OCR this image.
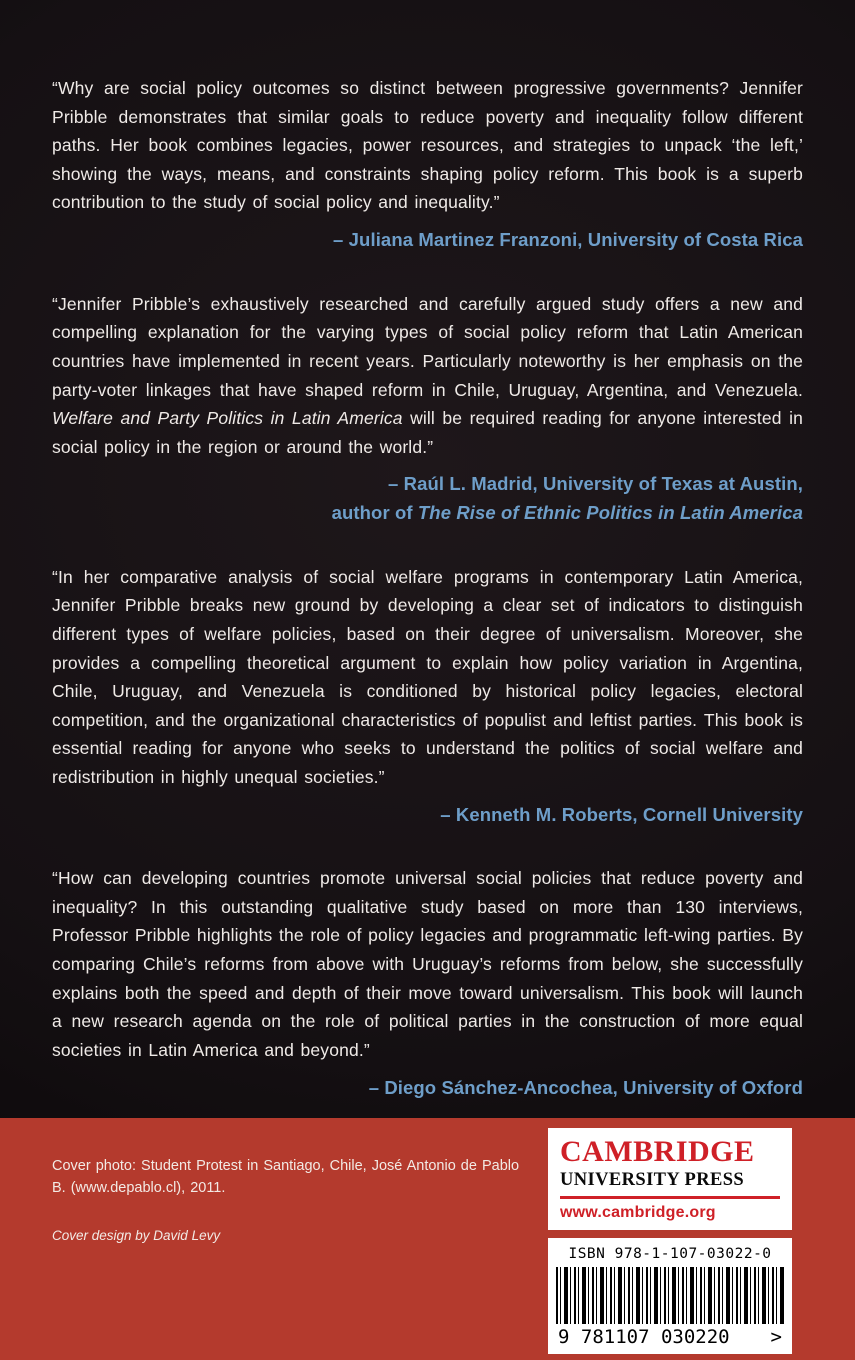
“Why are social policy outcomes so distinct between progressive governments? Jennifer Pribble demonstrates that similar goals to reduce poverty and inequality follow different paths. Her book combines legacies, power resources, and strategies to unpack ‘the left,’ showing the ways, means, and constraints shaping policy reform. This book is a superb contribution to the study of social policy and inequality.”

– Juliana Martinez Franzoni, University of Costa Rica

“Jennifer Pribble’s exhaustively researched and carefully argued study offers a new and compelling explanation for the varying types of social policy reform that Latin American countries have implemented in recent years. Particularly noteworthy is her emphasis on the party-voter linkages that have shaped reform in Chile, Uruguay, Argentina, and Venezuela. Welfare and Party Politics in Latin America will be required reading for anyone interested in social policy in the region or around the world.”

– Raúl L. Madrid, University of Texas at Austin,
author of The Rise of Ethnic Politics in Latin America

“In her comparative analysis of social welfare programs in contemporary Latin America, Jennifer Pribble breaks new ground by developing a clear set of indicators to distinguish different types of welfare policies, based on their degree of universalism. Moreover, she provides a compelling theoretical argument to explain how policy variation in Argentina, Chile, Uruguay, and Venezuela is conditioned by historical policy legacies, electoral competition, and the organizational characteristics of populist and leftist parties. This book is essential reading for anyone who seeks to understand the politics of social welfare and redistribution in highly unequal societies.”

– Kenneth M. Roberts, Cornell University

“How can developing countries promote universal social policies that reduce poverty and inequality? In this outstanding qualitative study based on more than 130 interviews, Professor Pribble highlights the role of policy legacies and programmatic left-wing parties. By comparing Chile’s reforms from above with Uruguay’s reforms from below, she successfully explains both the speed and depth of their move toward universalism. This book will launch a new research agenda on the role of political parties in the construction of more equal societies in Latin America and beyond.”

– Diego Sánchez-Ancochea, University of Oxford

Cover photo: Student Protest in Santiago, Chile, José Antonio de Pablo B. (www.depablo.cl), 2011.

Cover design by David Levy

CAMBRIDGE
UNIVERSITY PRESS
www.cambridge.org
ISBN 978-1-107-03022-0
9 781107 030220 >
